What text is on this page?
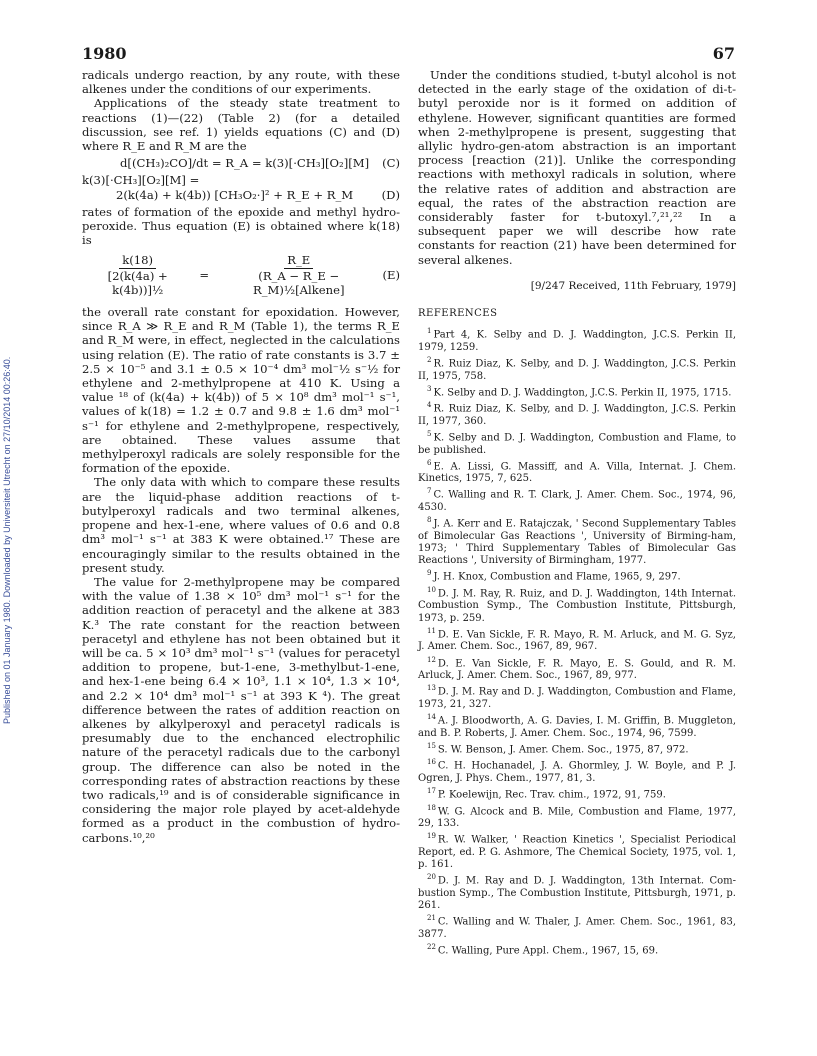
Published on 01 January 1980. Downloaded by Universiteit Utrecht on 27/10/2014 00:26:40.
1980	67

radicals undergo reaction, by any route, with these alkenes under the conditions of our experiments.

Applications of the steady state treatment to reactions (1)—(22) (Table 2) (for a detailed discussion, see ref. 1) yields equations (C) and (D) where R_E and R_M are the

d[(CH₃)₂CO]/dt = R_A = k(3)[·CH₃][O₂][M] (C)
k(3)[·CH₃][O₂][M] =
2(k(4a) + k(4b)) [CH₃O₂·]² + R_E + R_M (D)

rates of formation of the epoxide and methyl hydro-peroxide. Thus equation (E) is obtained where k(18) is

$\frac{k(18)}{\text{[2(k(4a) + k(4b))]½}} = \frac{R\_E}{\text{(R\_A − R\_E − R\_M)½[Alkene]}} (E)$

the overall rate constant for epoxidation. However, since R_A ≫ R_E and R_M (Table 1), the terms R_E and R_M were, in effect, neglected in the calculations using relation (E). The ratio of rate constants is 3.7 ± 2.5 × 10⁻⁵ and 3.1 ± 0.5 × 10⁻⁴ dm³ mol⁻½ s⁻½ for ethylene and 2-methylpropene at 410 K. Using a value ¹⁸ of (k(4a) + k(4b)) of 5 × 10⁸ dm³ mol⁻¹ s⁻¹, values of k(18) = 1.2 ± 0.7 and 9.8 ± 1.6 dm³ mol⁻¹ s⁻¹ for ethylene and 2-methylpropene, respectively, are obtained. These values assume that methylperoxyl radicals are solely responsible for the formation of the epoxide.

The only data with which to compare these results are the liquid-phase addition reactions of t-butylperoxyl radicals and two terminal alkenes, propene and hex-1-ene, where values of 0.6 and 0.8 dm³ mol⁻¹ s⁻¹ at 383 K were obtained.¹⁷ These are encouragingly similar to the results obtained in the present study.

The value for 2-methylpropene may be compared with the value of 1.38 × 10⁵ dm³ mol⁻¹ s⁻¹ for the addition reaction of peracetyl and the alkene at 383 K.³ The rate constant for the reaction between peracetyl and ethylene has not been obtained but it will be ca. 5 × 10³ dm³ mol⁻¹ s⁻¹ (values for peracetyl addition to propene, but-1-ene, 3-methylbut-1-ene, and hex-1-ene being 6.4 × 10³, 1.1 × 10⁴, 1.3 × 10⁴, and 2.2 × 10⁴ dm³ mol⁻¹ s⁻¹ at 393 K ⁴). The great difference between the rates of addition reaction on alkenes by alkylperoxyl and peracetyl radicals is presumably due to the enchanced electrophilic nature of the peracetyl radicals due to the carbonyl group. The difference can also be noted in the corresponding rates of abstraction reactions by these two radicals,¹⁹ and is of considerable significance in considering the major role played by acet-aldehyde formed as a product in the combustion of hydro-carbons.¹⁰,²⁰

Under the conditions studied, t-butyl alcohol is not detected in the early stage of the oxidation of di-t-butyl peroxide nor is it formed on addition of ethylene. However, significant quantities are formed when 2-methylpropene is present, suggesting that allylic hydro-gen-atom abstraction is an important process [reaction (21)]. Unlike the corresponding reactions with methoxyl radicals in solution, where the relative rates of addition and abstraction are equal, the rates of the abstraction reaction are considerably faster for t-butoxyl.⁷,²¹,²² In a subsequent paper we will describe how rate constants for reaction (21) have been determined for several alkenes.

[9/247 Received, 11th February, 1979]
REFERENCES

$^1$ Part 4, K. Selby and D. J. Waddington, J.C.S. Perkin II, 1979, 1259.

$^2$ R. Ruiz Diaz, K. Selby, and D. J. Waddington, J.C.S. Perkin II, 1975, 758.

$^3$ K. Selby and D. J. Waddington, J.C.S. Perkin II, 1975, 1715.

$^4$ R. Ruiz Diaz, K. Selby, and D. J. Waddington, J.C.S. Perkin II, 1977, 360.

$^5$ K. Selby and D. J. Waddington, Combustion and Flame, to be published.

$^6$ E. A. Lissi, G. Massiff, and A. Villa, Internat. J. Chem. Kinetics, 1975, 7, 625.

$^7$ C. Walling and R. T. Clark, J. Amer. Chem. Soc., 1974, 96, 4530.

$^8$ J. A. Kerr and E. Ratajczak, ' Second Supplementary Tables of Bimolecular Gas Reactions ', University of Birming-ham, 1973; ' Third Supplementary Tables of Bimolecular Gas Reactions ', University of Birmingham, 1977.

$^9$ J. H. Knox, Combustion and Flame, 1965, 9, 297.

$^{10}$ D. J. M. Ray, R. Ruiz, and D. J. Waddington, 14th Internat. Combustion Symp., The Combustion Institute, Pittsburgh, 1973, p. 259.

$^{11}$ D. E. Van Sickle, F. R. Mayo, R. M. Arluck, and M. G. Syz, J. Amer. Chem. Soc., 1967, 89, 967.

$^{12}$ D. E. Van Sickle, F. R. Mayo, E. S. Gould, and R. M. Arluck, J. Amer. Chem. Soc., 1967, 89, 977.

$^{13}$ D. J. M. Ray and D. J. Waddington, Combustion and Flame, 1973, 21, 327.

$^{14}$ A. J. Bloodworth, A. G. Davies, I. M. Griffin, B. Muggleton, and B. P. Roberts, J. Amer. Chem. Soc., 1974, 96, 7599.

$^{15}$ S. W. Benson, J. Amer. Chem. Soc., 1975, 87, 972.

$^{16}$ C. H. Hochanadel, J. A. Ghormley, J. W. Boyle, and P. J. Ogren, J. Phys. Chem., 1977, 81, 3.

$^{17}$ P. Koelewijn, Rec. Trav. chim., 1972, 91, 759.

$^{18}$ W. G. Alcock and B. Mile, Combustion and Flame, 1977, 29, 133.

$^{19}$ R. W. Walker, ' Reaction Kinetics ', Specialist Periodical Report, ed. P. G. Ashmore, The Chemical Society, 1975, vol. 1, p. 161.

$^{20}$ D. J. M. Ray and D. J. Waddington, 13th Internat. Com-bustion Symp., The Combustion Institute, Pittsburgh, 1971, p. 261.

$^{21}$ C. Walling and W. Thaler, J. Amer. Chem. Soc., 1961, 83, 3877.

$^{22}$ C. Walling, Pure Appl. Chem., 1967, 15, 69.
